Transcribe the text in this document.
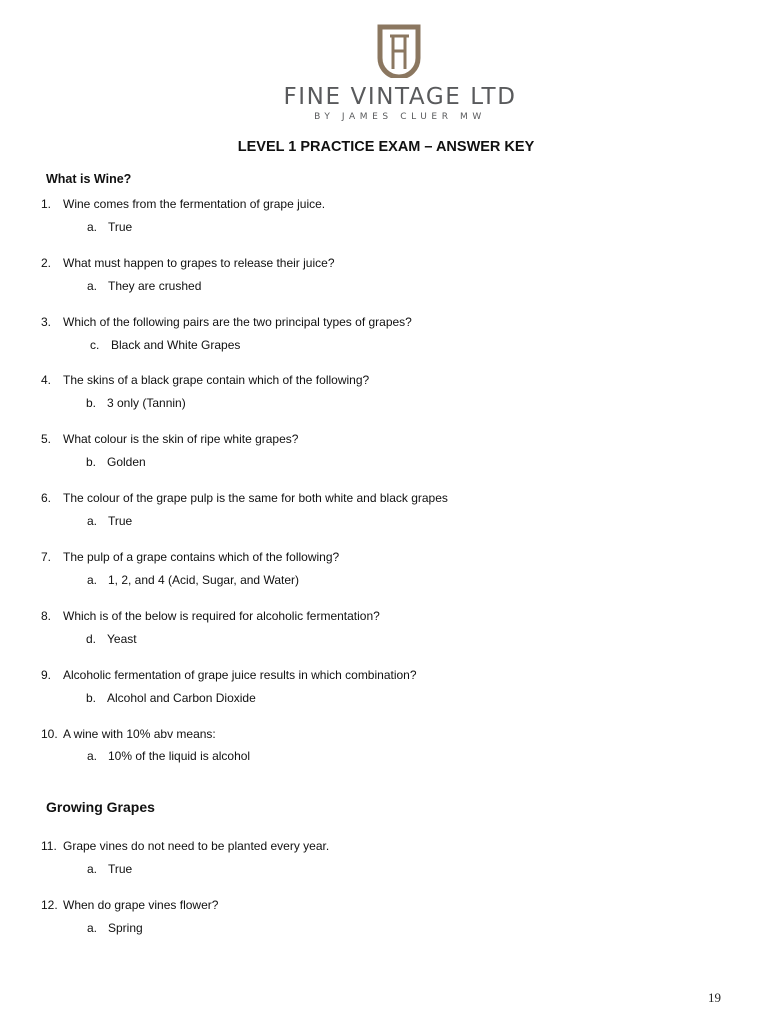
FINE VINTAGE LTD
BY JAMES CLUER MW
LEVEL 1 PRACTICE EXAM – ANSWER KEY
What is Wine?
1. Wine comes from the fermentation of grape juice.
a. True
2. What must happen to grapes to release their juice?
a. They are crushed
3. Which of the following pairs are the two principal types of grapes?
c. Black and White Grapes
4. The skins of a black grape contain which of the following?
b. 3 only (Tannin)
5. What colour is the skin of ripe white grapes?
b. Golden
6. The colour of the grape pulp is the same for both white and black grapes
a. True
7. The pulp of a grape contains which of the following?
a. 1, 2, and 4 (Acid, Sugar, and Water)
8. Which is of the below is required for alcoholic fermentation?
d. Yeast
9. Alcoholic fermentation of grape juice results in which combination?
b. Alcohol and Carbon Dioxide
10. A wine with 10% abv means:
a. 10% of the liquid is alcohol
Growing Grapes
11. Grape vines do not need to be planted every year.
a. True
12. When do grape vines flower?
a. Spring
19
